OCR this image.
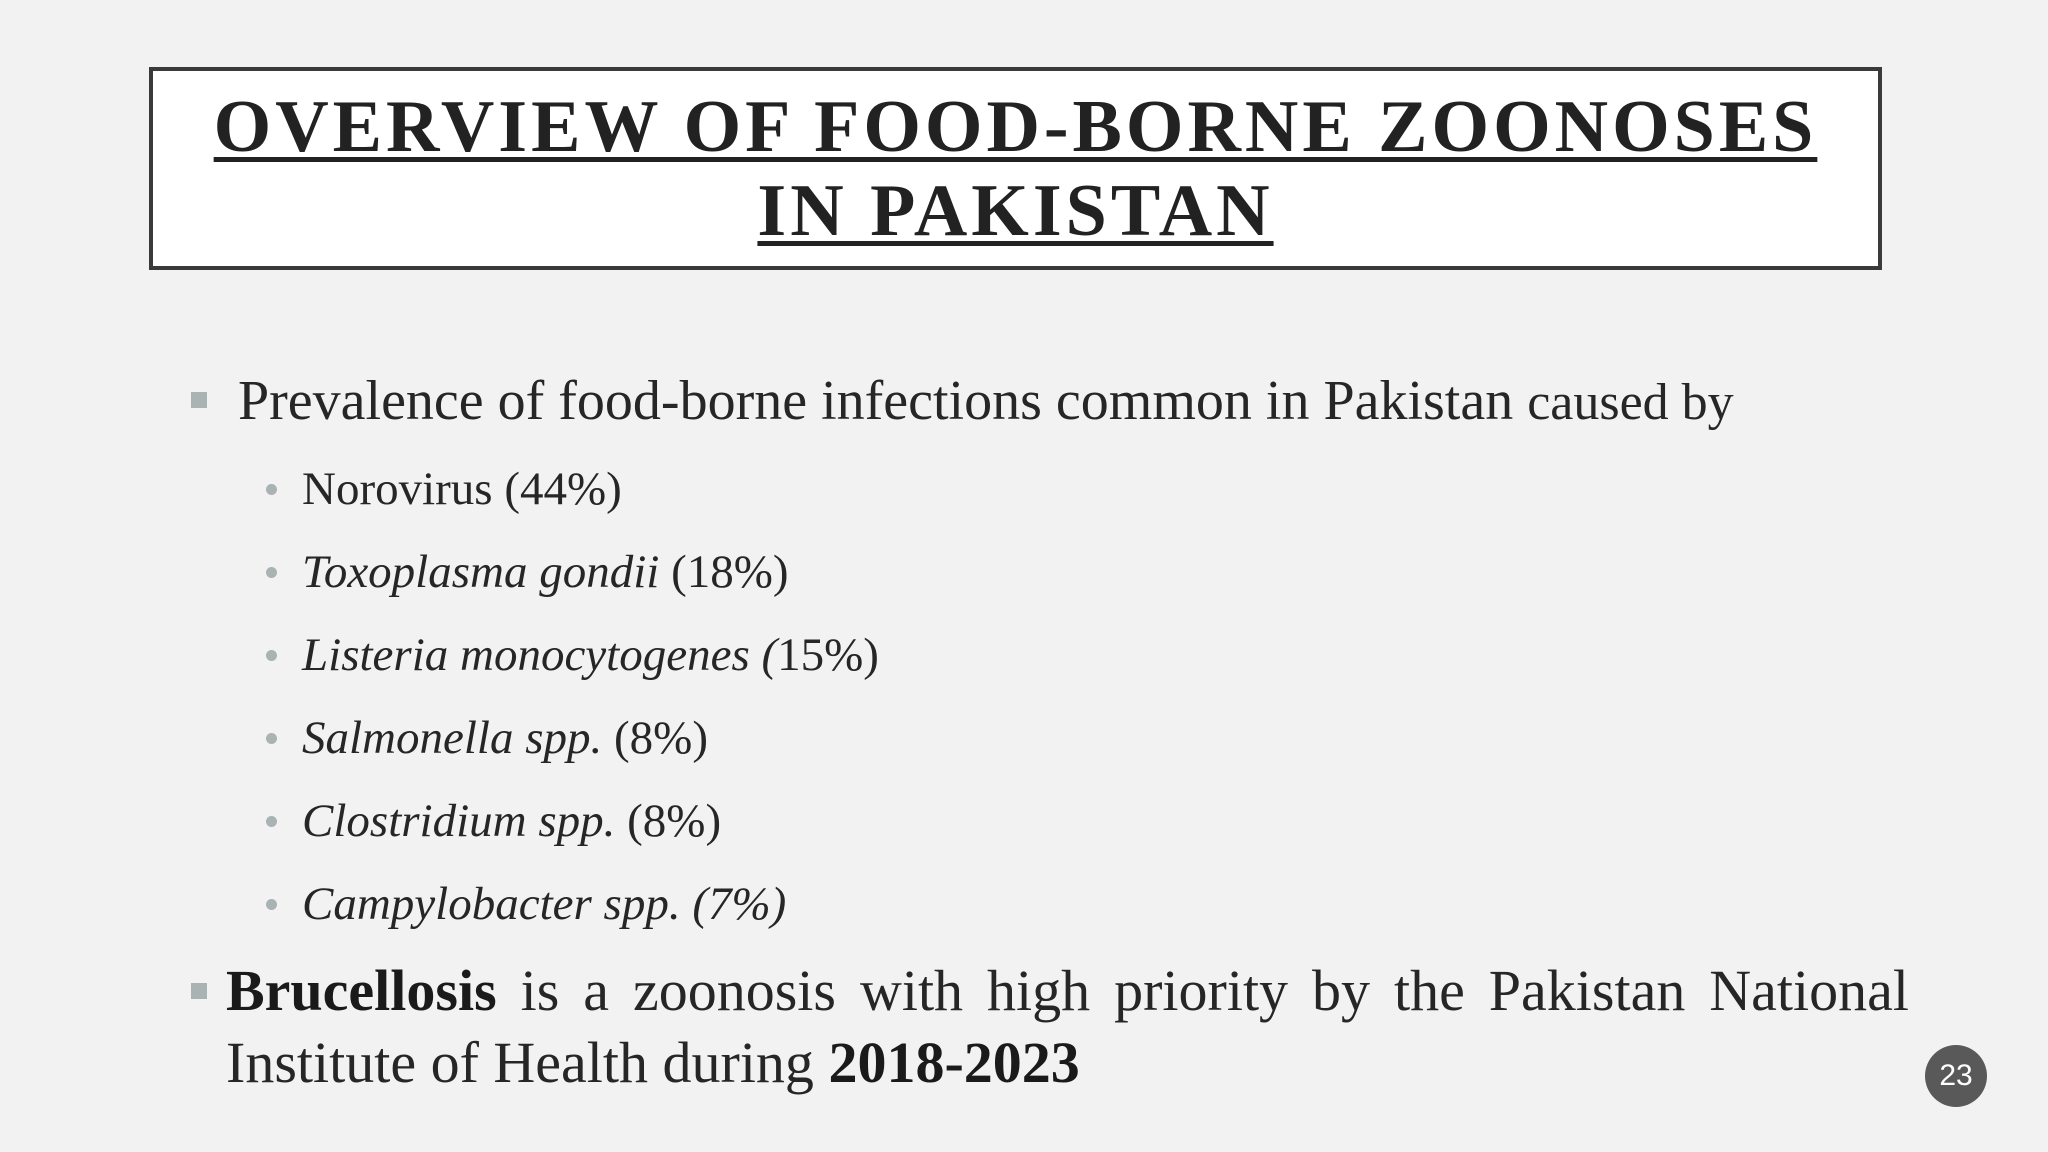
OVERVIEW OF FOOD-BORNE ZOONOSES
IN PAKISTAN
Prevalence of food-borne infections common in Pakistan caused by
Norovirus (44%)
Toxoplasma gondii (18%)
Listeria monocytogenes (15%)
Salmonella spp. (8%)
Clostridium spp. (8%)
Campylobacter spp. (7%)
Brucellosis is a zoonosis with high priority by the Pakistan National
Institute of Health during 2018-2023	23
